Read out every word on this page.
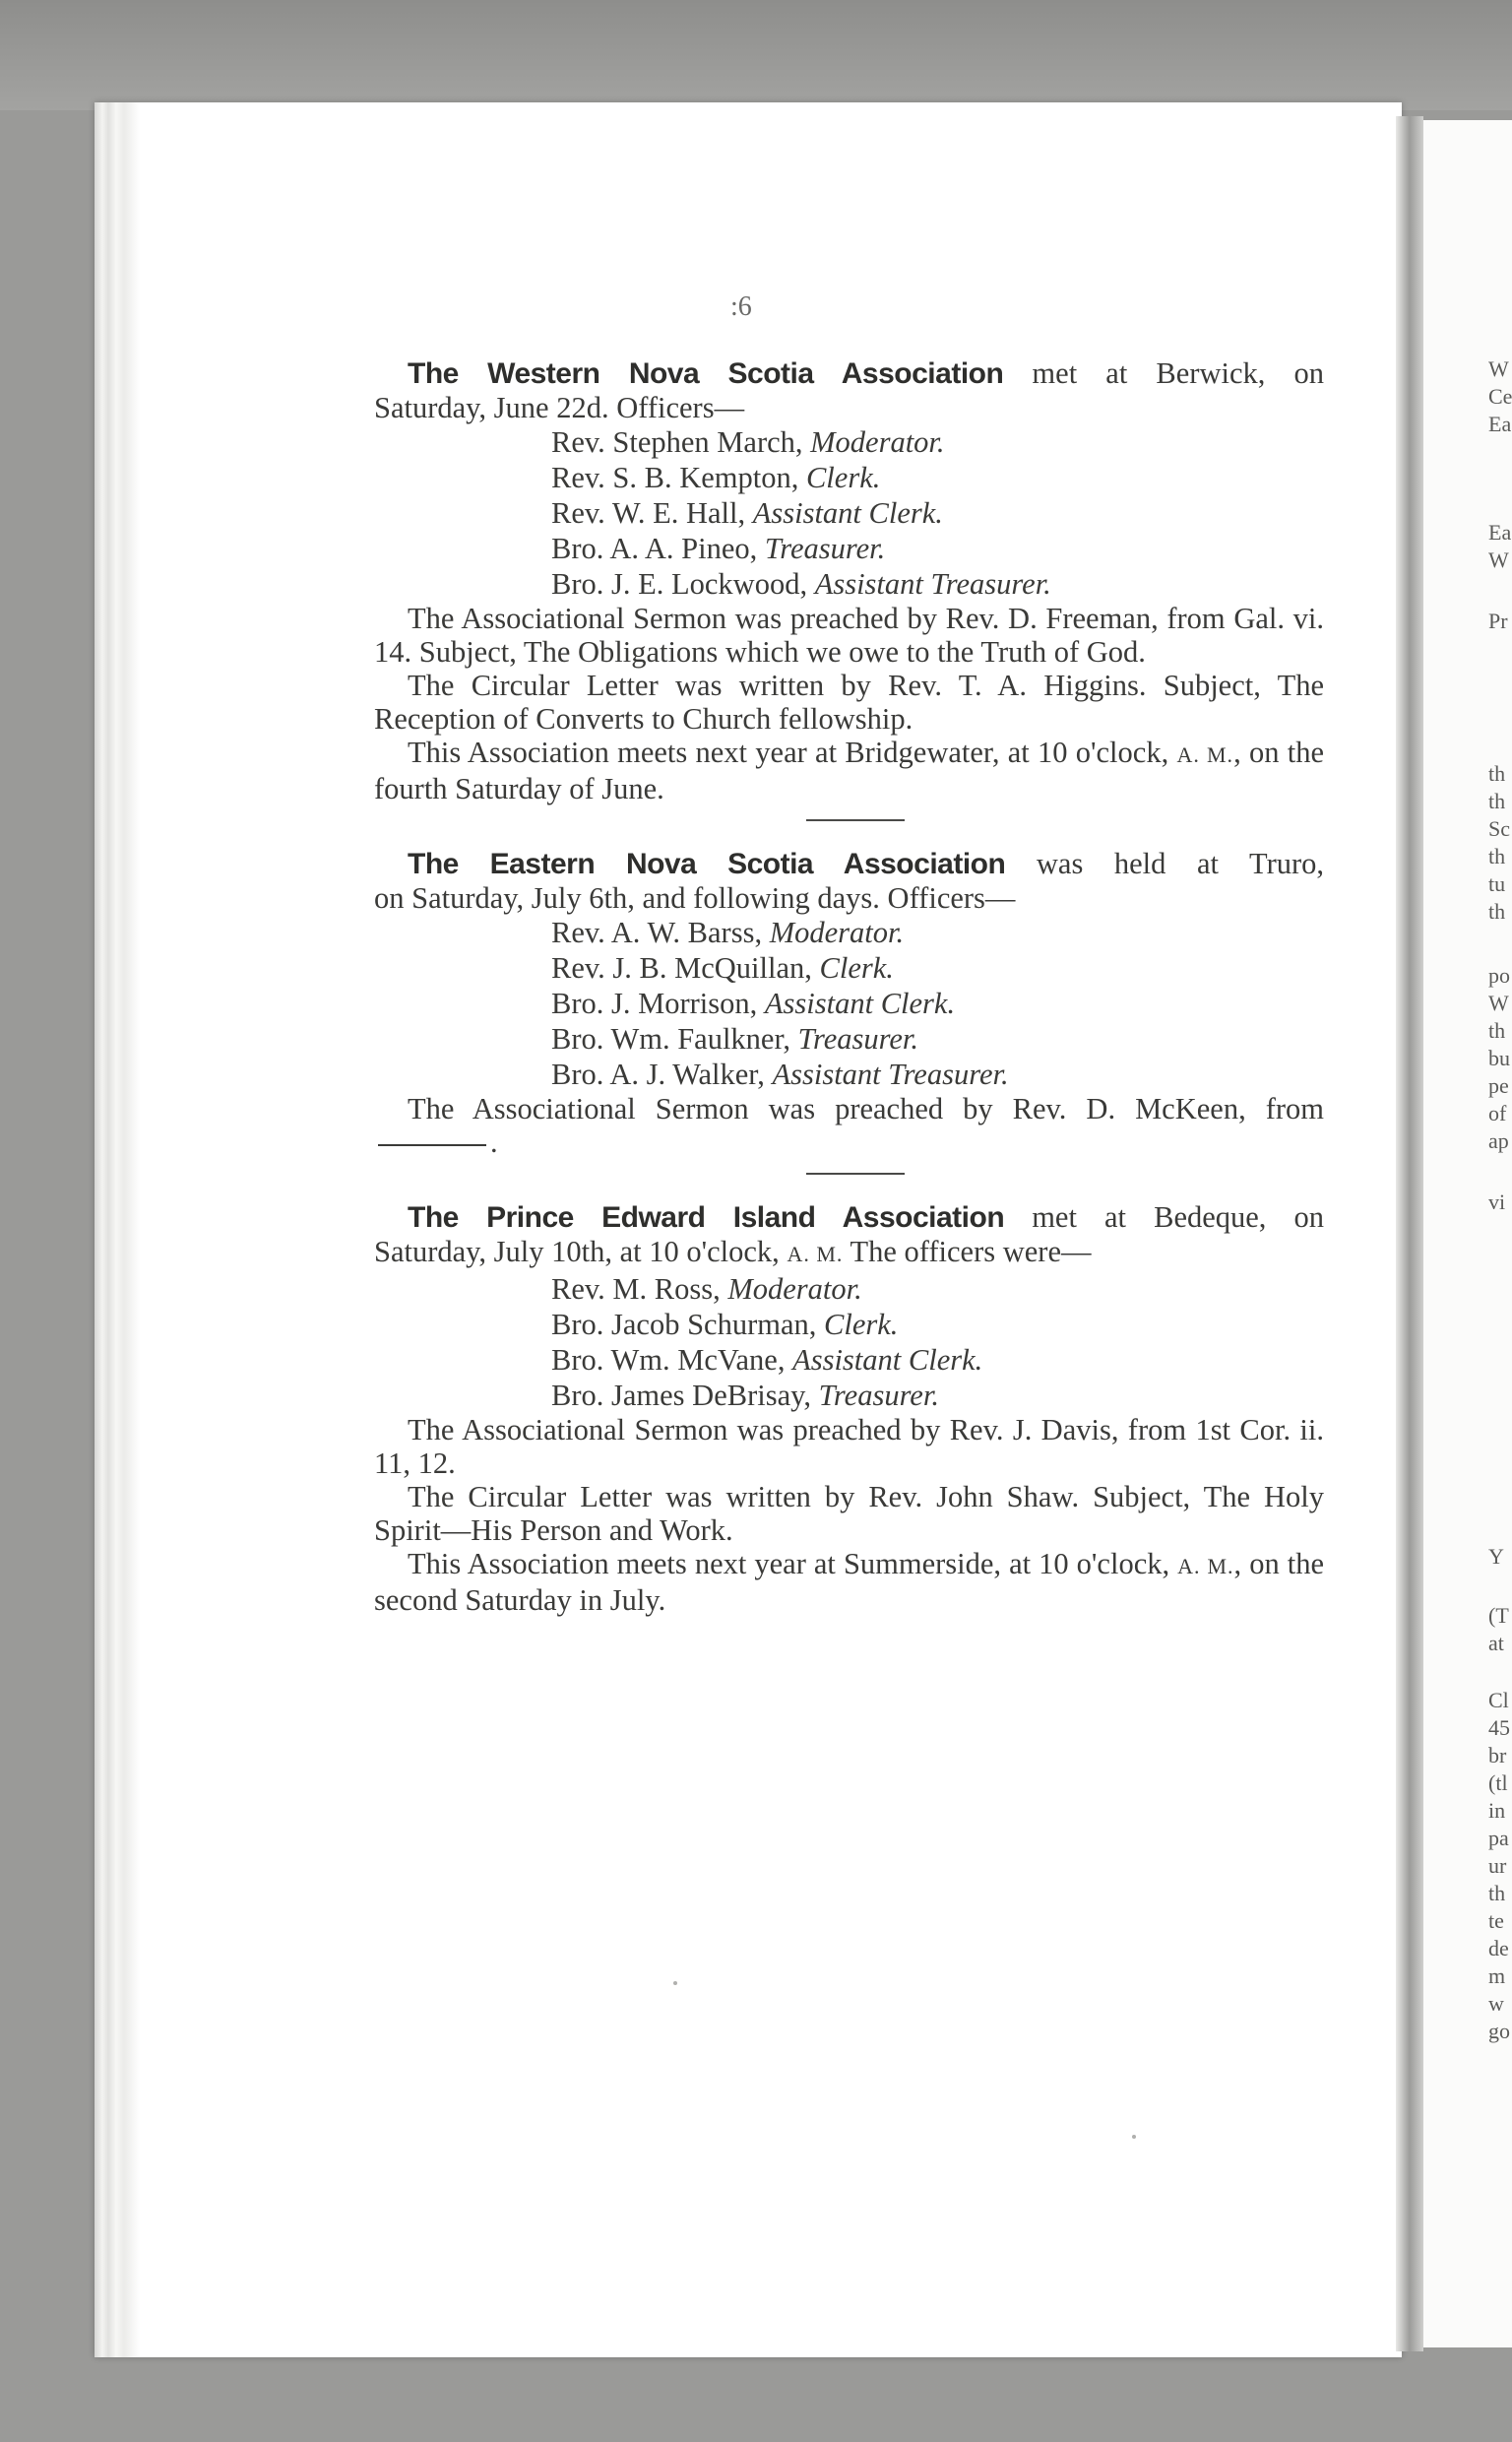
W
Ce
Ea
Ea
W
Pr
th
th
Sc
th
tu
th
po
W
th
bu
pe
of
ap
vi
Y
(T
at
Cl
45
br
(tl
in
pa
ur
th
te
de
m
w
go
:6

The Western Nova Scotia Association met at Berwick, on

Saturday, June 22d. Officers—

Rev. Stephen March, Moderator.
Rev. S. B. Kempton, Clerk.
Rev. W. E. Hall, Assistant Clerk.
Bro. A. A. Pineo, Treasurer.
Bro. J. E. Lockwood, Assistant Treasurer.

The Associational Sermon was preached by Rev. D. Freeman, from Gal. vi. 14. Subject, The Obligations which we owe to the Truth of God.

The Circular Letter was written by Rev. T. A. Higgins. Subject, The Reception of Converts to Church fellowship.

This Association meets next year at Bridgewater, at 10 o'clock, A. M., on the fourth Saturday of June.

The Eastern Nova Scotia Association was held at Truro,

on Saturday, July 6th, and following days. Officers—

Rev. A. W. Barss, Moderator.
Rev. J. B. McQuillan, Clerk.
Bro. J. Morrison, Assistant Clerk.
Bro. Wm. Faulkner, Treasurer.
Bro. A. J. Walker, Assistant Treasurer.

The Associational Sermon was preached by Rev. D. McKeen, from .

The Prince Edward Island Association met at Bedeque, on

Saturday, July 10th, at 10 o'clock, A. M. The officers were—

Rev. M. Ross, Moderator.
Bro. Jacob Schurman, Clerk.
Bro. Wm. McVane, Assistant Clerk.
Bro. James DeBrisay, Treasurer.

The Associational Sermon was preached by Rev. J. Davis, from 1st Cor. ii. 11, 12.

The Circular Letter was written by Rev. John Shaw. Subject, The Holy Spirit—His Person and Work.

This Association meets next year at Summerside, at 10 o'clock, A. M., on the second Saturday in July.
